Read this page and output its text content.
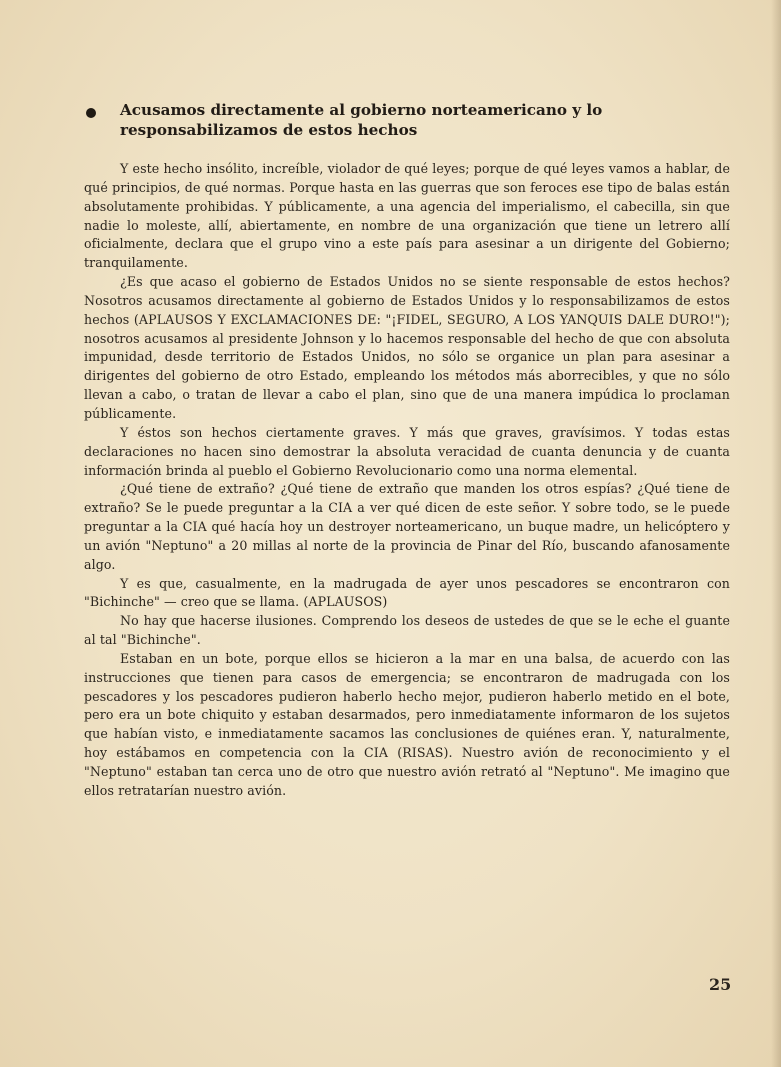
Acusamos directamente al gobierno norteamericano y lo responsabilizamos de estos hechos

Y este hecho insólito, increíble, violador de qué leyes; porque de qué leyes vamos a hablar, de qué principios, de qué normas. Porque hasta en las guerras que son feroces ese tipo de balas están absolutamente prohibidas. Y públicamente, a una agencia del imperialismo, el cabecilla, sin que nadie lo moleste, allí, abiertamente, en nombre de una organización que tiene un letrero allí oficialmente, declara que el grupo vino a este país para asesinar a un dirigente del Gobierno; tranquilamente.

¿Es que acaso el gobierno de Estados Unidos no se siente responsable de estos hechos? Nosotros acusamos directamente al gobierno de Estados Unidos y lo responsabilizamos de estos hechos (APLAUSOS Y EXCLAMACIONES DE: "¡FIDEL, SEGURO, A LOS YANQUIS DALE DURO!"); nosotros acusamos al presidente Johnson y lo hacemos responsable del hecho de que con absoluta impunidad, desde territorio de Estados Unidos, no sólo se organice un plan para asesinar a dirigentes del gobierno de otro Estado, empleando los métodos más aborrecibles, y que no sólo llevan a cabo, o tratan de llevar a cabo el plan, sino que de una manera impúdica lo proclaman públicamente.

Y éstos son hechos ciertamente graves. Y más que graves, gravísimos. Y todas estas declaraciones no hacen sino demostrar la absoluta veracidad de cuanta denuncia y de cuanta información brinda al pueblo el Gobierno Revolucionario como una norma elemental.

¿Qué tiene de extraño? ¿Qué tiene de extraño que manden los otros espías? ¿Qué tiene de extraño? Se le puede preguntar a la CIA a ver qué dicen de este señor. Y sobre todo, se le puede preguntar a la CIA qué hacía hoy un destroyer norteamericano, un buque madre, un helicóptero y un avión "Neptuno" a 20 millas al norte de la provincia de Pinar del Río, buscando afanosamente algo.

Y es que, casualmente, en la madrugada de ayer unos pescadores se encontraron con "Bichinche" — creo que se llama. (APLAUSOS)

No hay que hacerse ilusiones. Comprendo los deseos de ustedes de que se le eche el guante al tal "Bichinche".

Estaban en un bote, porque ellos se hicieron a la mar en una balsa, de acuerdo con las instrucciones que tienen para casos de emergencia; se encontraron de madrugada con los pescadores y los pescadores pudieron haberlo hecho mejor, pudieron haberlo metido en el bote, pero era un bote chiquito y estaban desarmados, pero inmediatamente informaron de los sujetos que habían visto, e inmediatamente sacamos las conclusiones de quiénes eran. Y, naturalmente, hoy estábamos en competencia con la CIA (RISAS). Nuestro avión de reconocimiento y el "Neptuno" estaban tan cerca uno de otro que nuestro avión retrató al "Neptuno". Me imagino que ellos retratarían nuestro avión.

25
